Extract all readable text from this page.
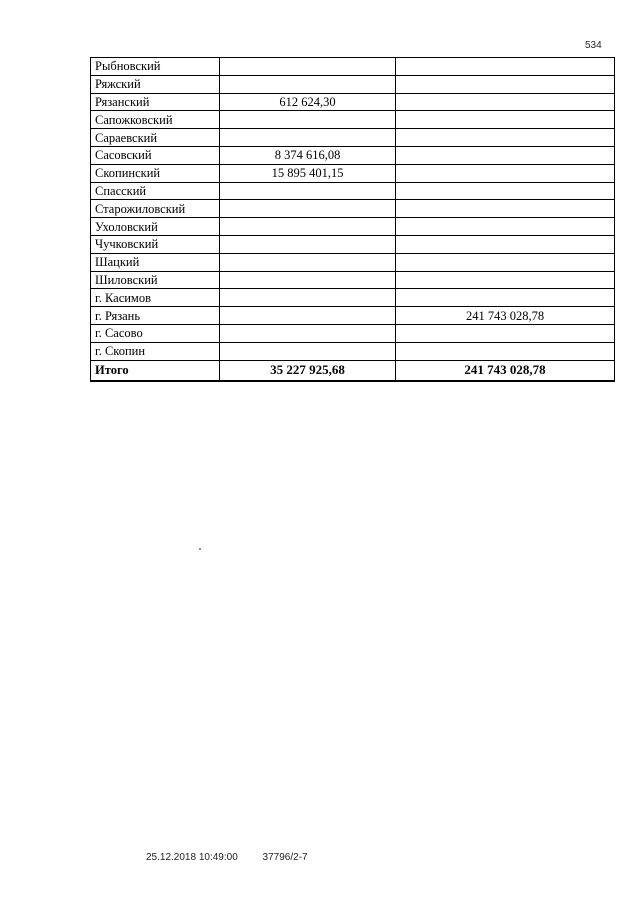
534
Рыбновский		
Ряжский		
Рязанский	612 624,30	
Сапожковский		
Сараевский		
Сасовский	8 374 616,08	
Скопинский	15 895 401,15	
Спасский		
Старожиловский		
Ухоловский		
Чучковский		
Шацкий		
Шиловский		
г. Касимов		
г. Рязань		241 743 028,78
г. Сасово		
г. Скопин		
Итого	35 227 925,68	241 743 028,78
25.12.2018 10:49:00 37796/2-7
